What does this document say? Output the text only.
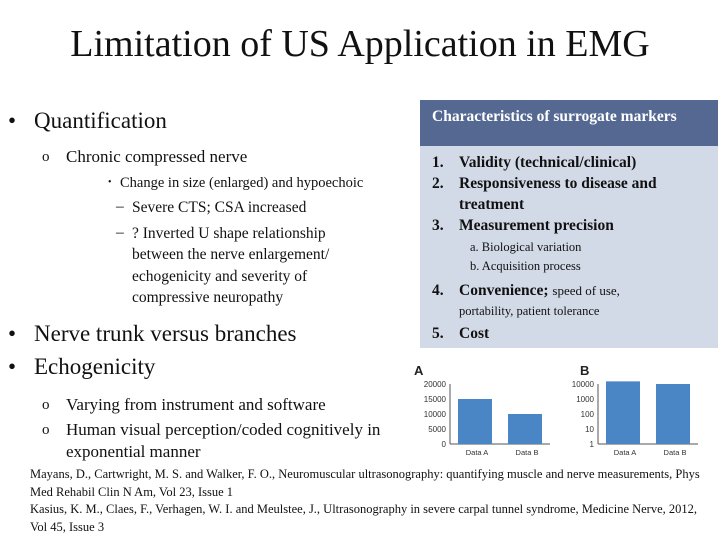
Limitation of US Application in EMG
• Quantification
o Chronic compressed nerve
• Change in size (enlarged) and hypoechoic
– Severe CTS; CSA increased
– ? Inverted U shape relationship between the nerve enlargement/ echogenicity and severity of compressive neuropathy
• Nerve trunk versus branches
• Echogenicity
o Varying from instrument and software
o Human visual perception/coded cognitively in exponential manner
Characteristics of surrogate markers
1. Validity (technical/clinical)
2. Responsiveness to disease and treatment
3. Measurement precision
a. Biological variation
b. Acquisition process
4. Convenience; speed of use,
portability, patient tolerance
5. Cost
A
20000
15000
10000
5000
0
Data A	Data B
B
10000
1000
100
10
1
Data A	Data B
Mayans, D., Cartwright, M. S. and Walker, F. O., Neuromuscular ultrasonography: quantifying muscle and nerve measurements, Phys Med Rehabil Clin N Am, Vol 23, Issue 1
Kasius, K. M., Claes, F., Verhagen, W. I. and Meulstee, J., Ultrasonography in severe carpal tunnel syndrome, Medicine Nerve, 2012, Vol 45, Issue 3
